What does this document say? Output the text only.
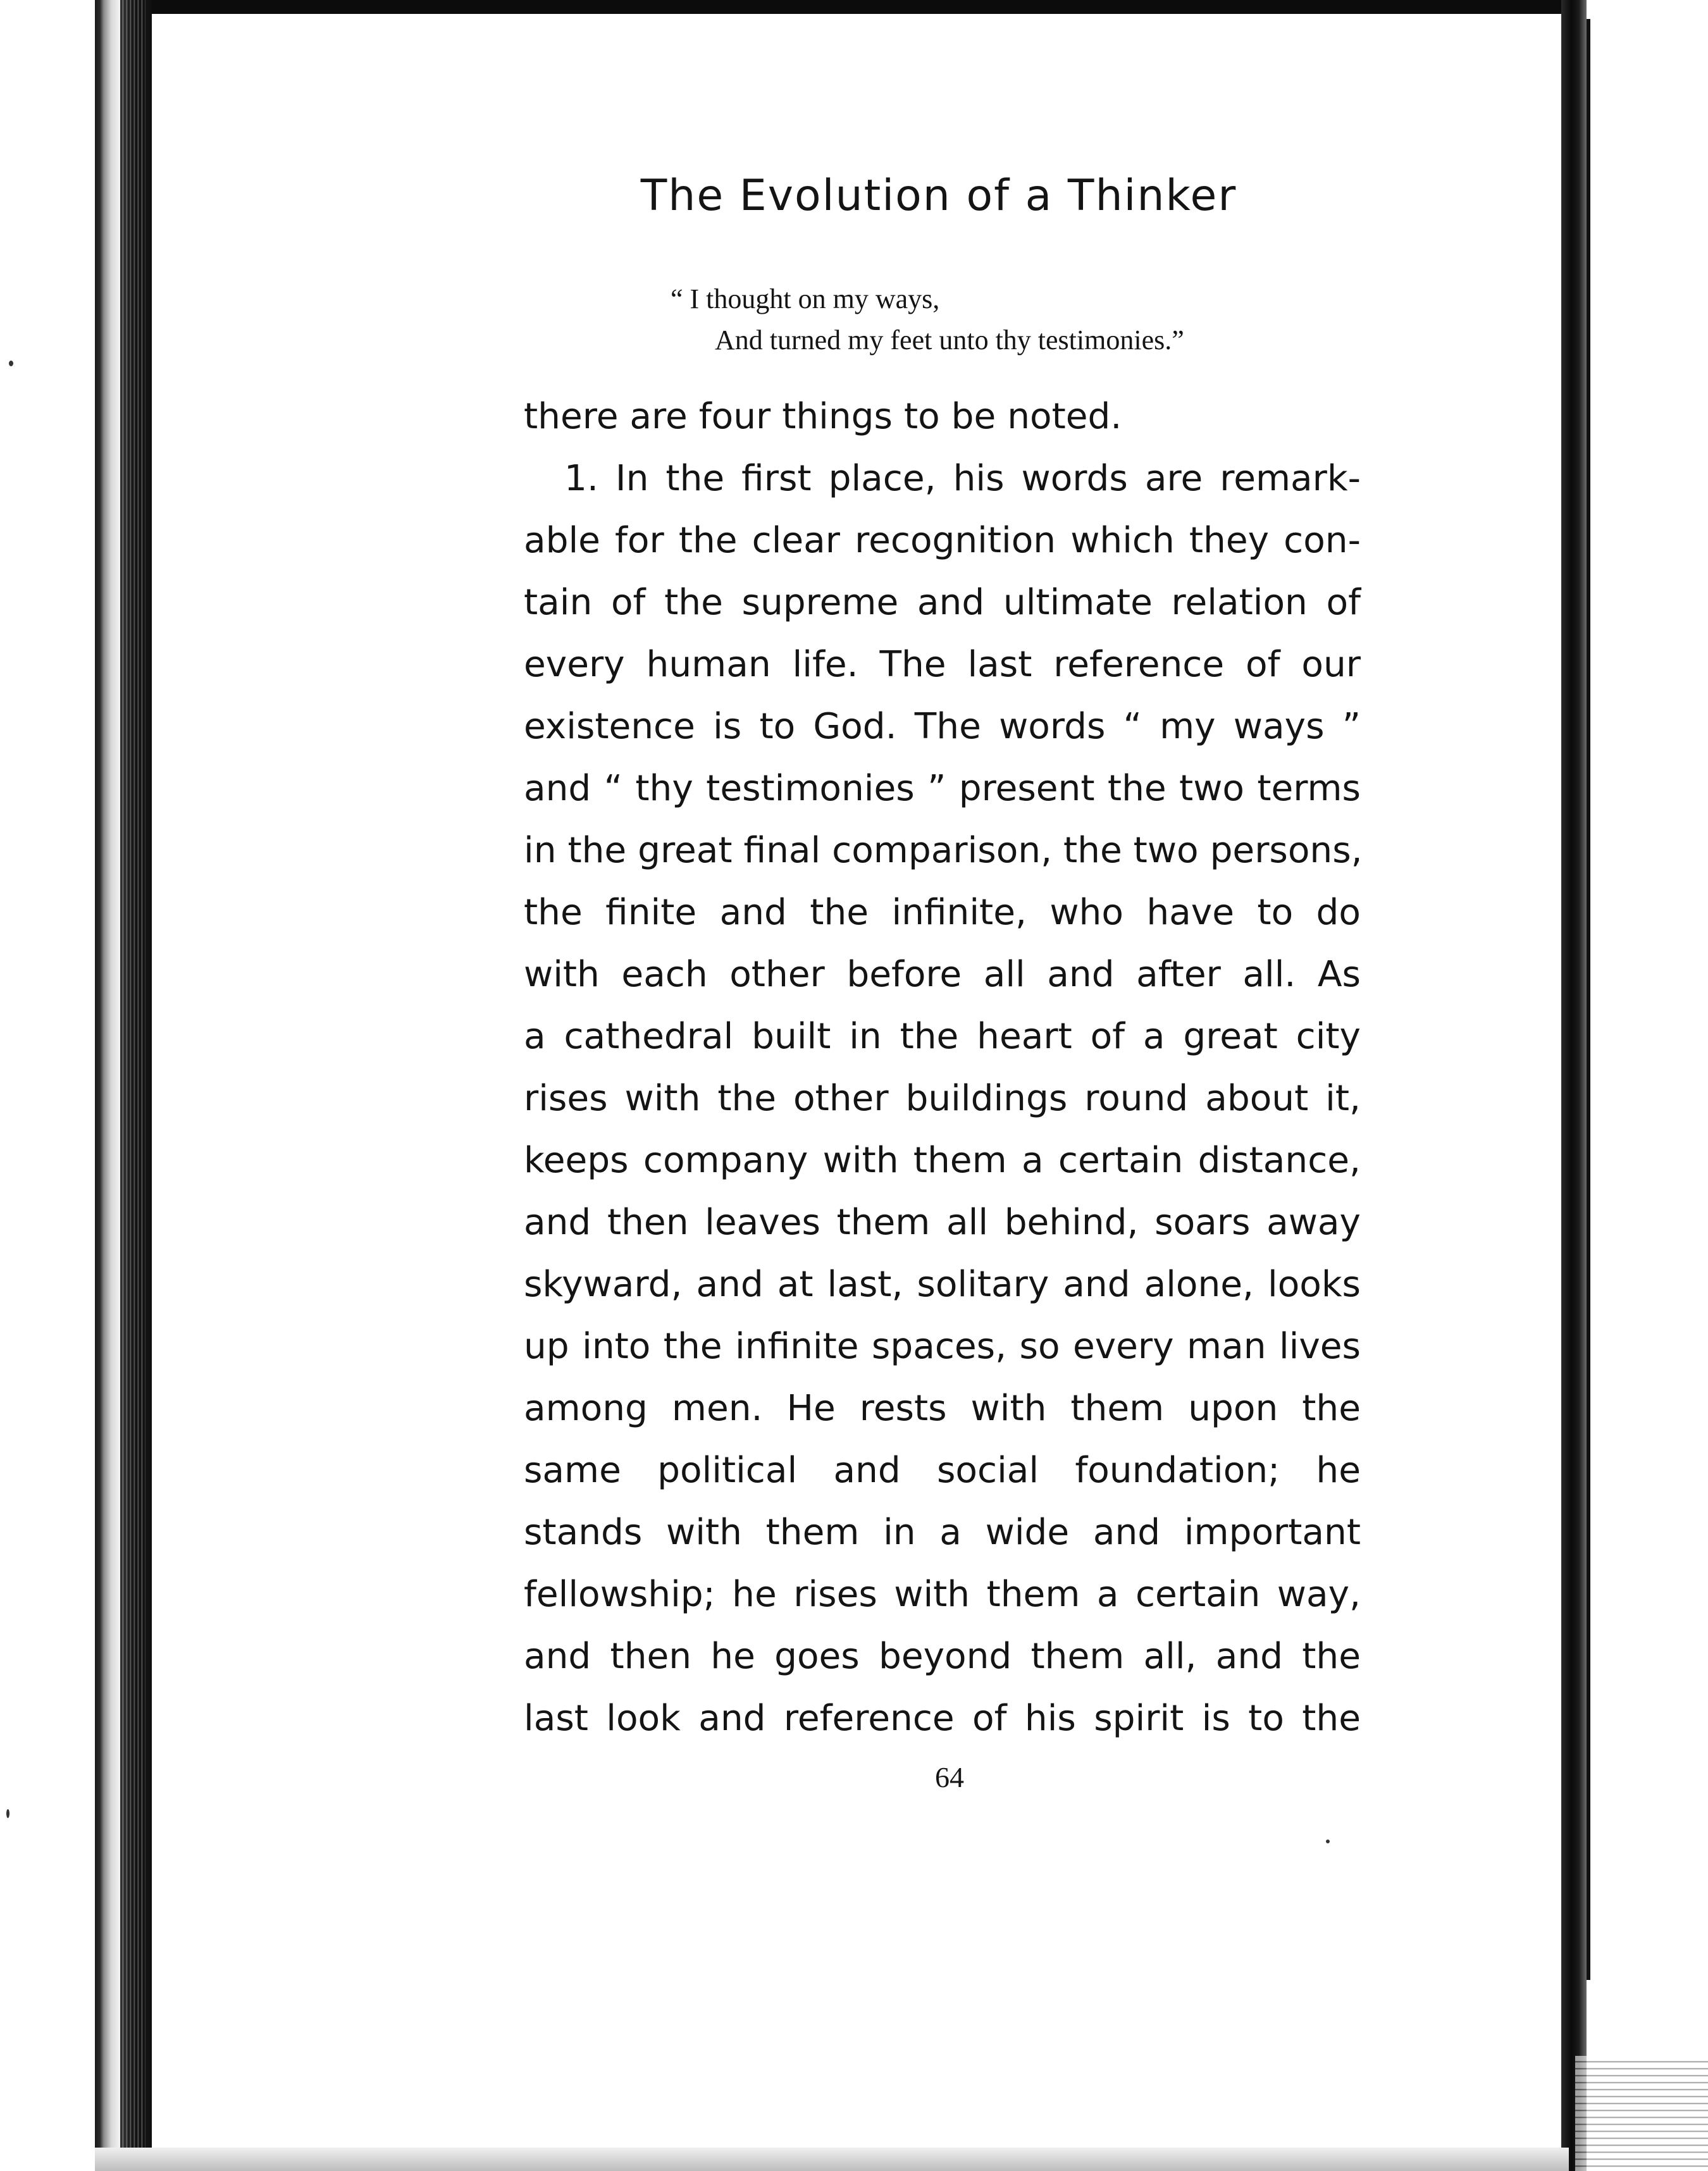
The Evolution of a Thinker
“ I thought on my ways,
And turned my feet unto thy testimonies.”
there are four things to be noted.
1. In the first place, his words are remark-
able for the clear recognition which they con-
tain of the supreme and ultimate relation of
every human life. The last reference of our
existence is to God. The words “ my ways ”
and “ thy testimonies ” present the two terms
in the great final comparison, the two persons,
the finite and the infinite, who have to do
with each other before all and after all. As
a cathedral built in the heart of a great city
rises with the other buildings round about it,
keeps company with them a certain distance,
and then leaves them all behind, soars away
skyward, and at last, solitary and alone, looks
up into the infinite spaces, so every man lives
among men. He rests with them upon the
same political and social foundation; he
stands with them in a wide and important
fellowship; he rises with them a certain way,
and then he goes beyond them all, and the
last look and reference of his spirit is to the
64
